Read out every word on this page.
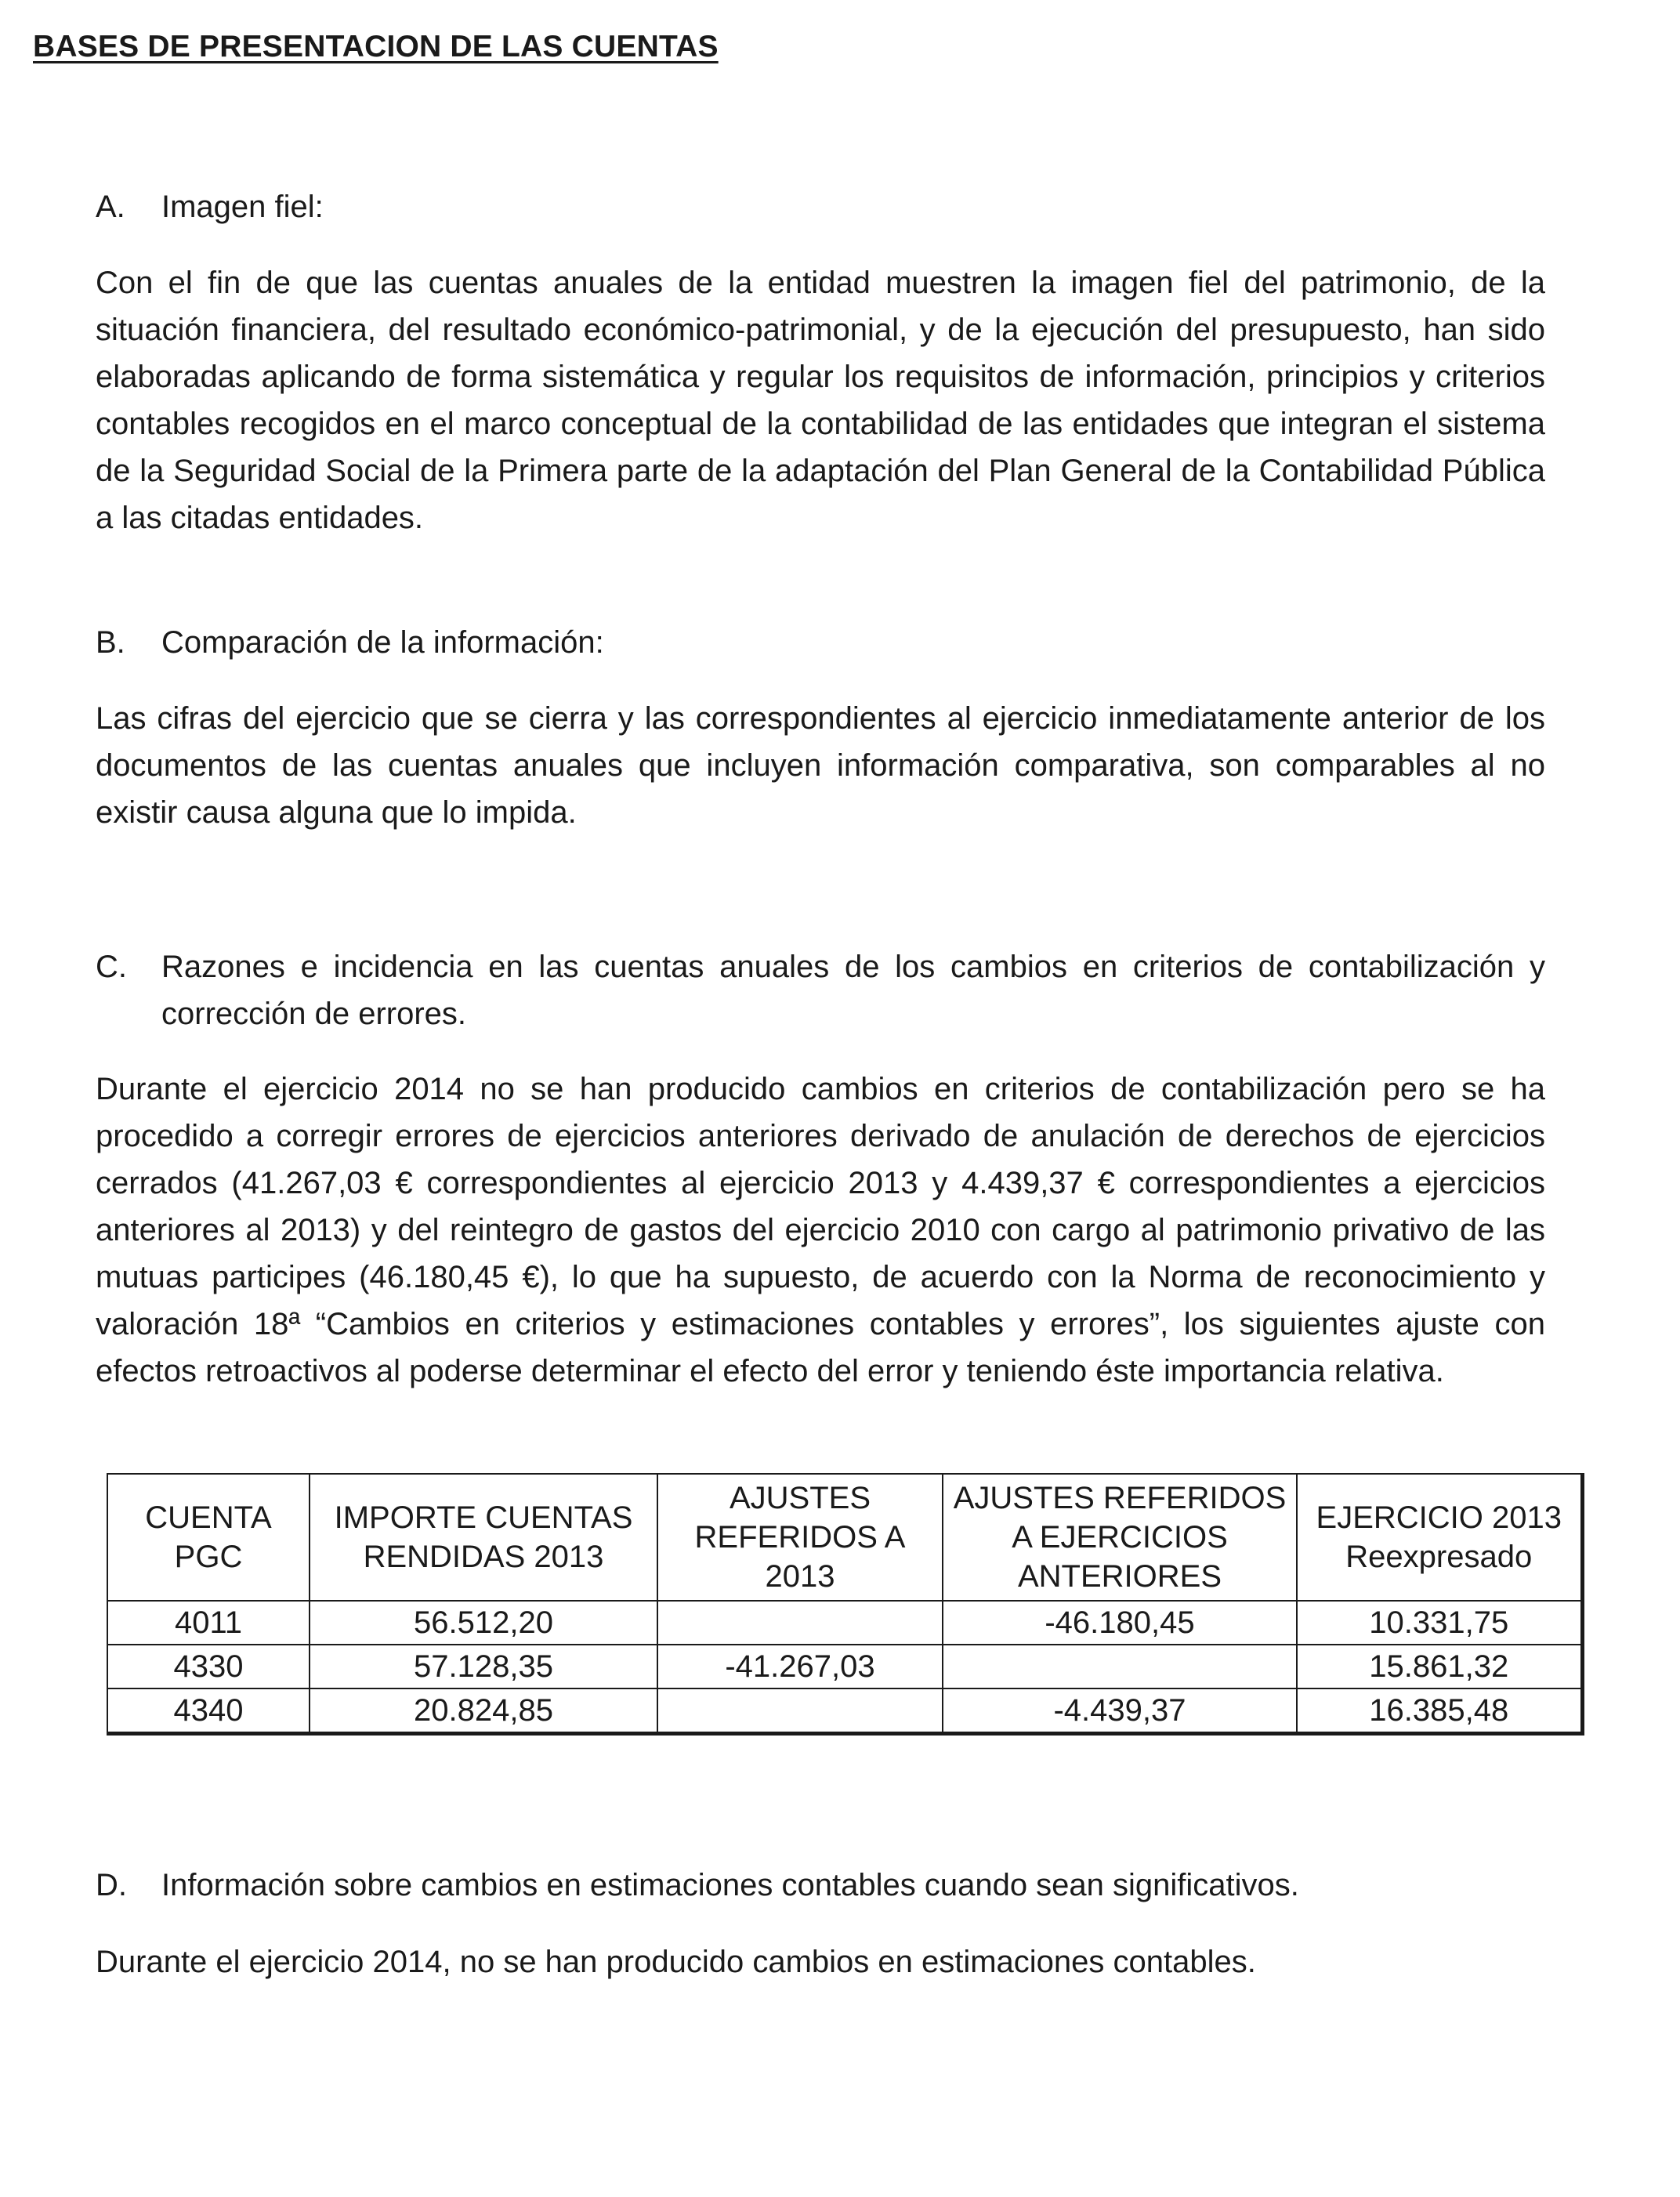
BASES DE PRESENTACION DE LAS CUENTAS
A. Imagen fiel:
Con el fin de que las cuentas anuales de la entidad muestren la imagen fiel del patrimonio, de la situación financiera, del resultado económico-patrimonial, y de la ejecución del presupuesto, han sido elaboradas aplicando de forma sistemática y regular los requisitos de información, principios y criterios contables recogidos en el marco conceptual de la contabilidad de las entidades que integran el sistema de la Seguridad Social de la Primera parte de la adaptación del Plan General de la Contabilidad Pública a las citadas entidades.
B. Comparación de la información:
Las cifras del ejercicio que se cierra y las correspondientes al ejercicio inmediatamente anterior de los documentos de las cuentas anuales que incluyen información comparativa, son comparables al no existir causa alguna que lo impida.
C. Razones e incidencia en las cuentas anuales de los cambios en criterios de contabilización y corrección de errores.
Durante el ejercicio 2014 no se han producido cambios en criterios de contabilización pero se ha procedido a corregir errores de ejercicios anteriores derivado de anulación de derechos de ejercicios cerrados (41.267,03 € correspondientes al ejercicio 2013 y 4.439,37 € correspondientes a ejercicios anteriores al 2013) y del reintegro de gastos del ejercicio 2010 con cargo al patrimonio privativo de las mutuas participes (46.180,45 €), lo que ha supuesto, de acuerdo con la Norma de reconocimiento y valoración 18ª “Cambios en criterios y estimaciones contables y errores”, los siguientes ajuste con efectos retroactivos al poderse determinar el efecto del error y teniendo éste importancia relativa.
CUENTA PGC	IMPORTE CUENTAS RENDIDAS 2013	AJUSTES REFERIDOS A 2013	AJUSTES REFERIDOS A EJERCICIOS ANTERIORES	EJERCICIO 2013 Reexpresado
4011	56.512,20		-46.180,45	10.331,75
4330	57.128,35	-41.267,03		15.861,32
4340	20.824,85		-4.439,37	16.385,48
D. Información sobre cambios en estimaciones contables cuando sean significativos.
Durante el ejercicio 2014, no se han producido cambios en estimaciones contables.
